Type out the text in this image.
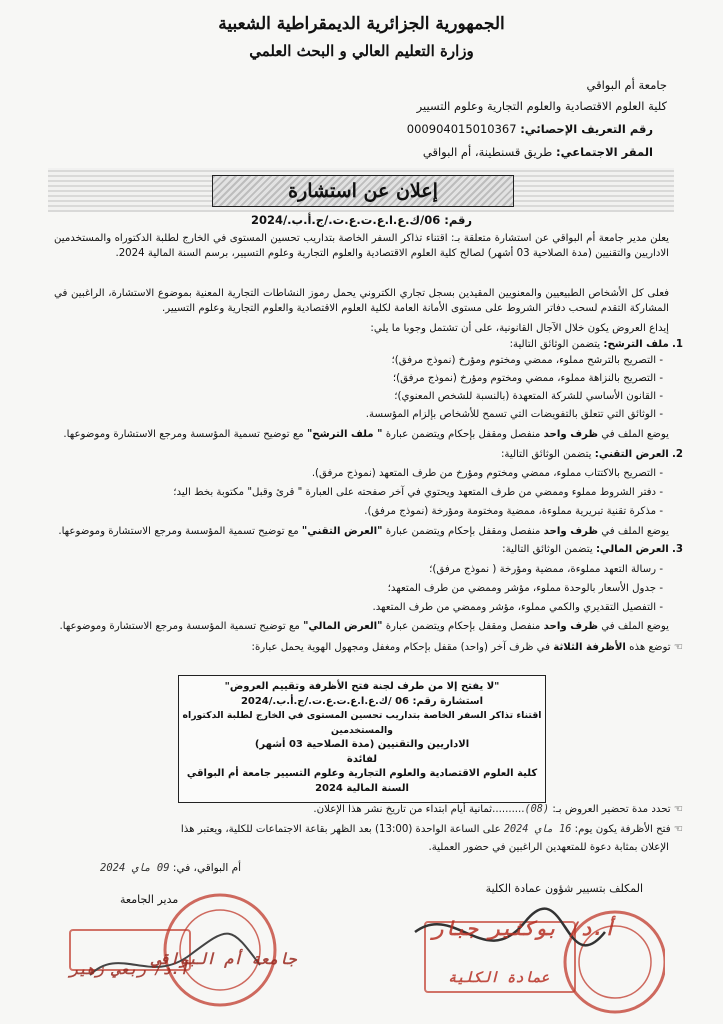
الجمهورية الجزائرية الديمقراطية الشعبية
وزارة التعليم العالي و البحث العلمي
جامعة أم البواقي
كلية العلوم الاقتصادية والعلوم التجارية وعلوم التسيير
رقم التعريف الإحصائي: 000904015010367
المقر الاجتماعي: طريق قسنطينة، أم البواقي
إعلان عن استشارة
رقم: 06/ك.ع.ا.ع.ت.ع.ت./ج.أ.ب./2024
يعلن مدير جامعة أم البواقي عن استشارة متعلقة بـ: اقتناء تذاكر السفر الخاصة بتداريب تحسين المستوى في الخارج لطلبة الدكتوراه والمستخدمين الاداريين والتقنيين (مدة الصلاحية 03 أشهر) لصالح كلية العلوم الاقتصادية والعلوم التجارية وعلوم التسيير، برسم السنة المالية 2024.
فعلى كل الأشخاص الطبيعيين والمعنويين المقيدين بسجل تجاري الكتروني يحمل رموز النشاطات التجارية المعنية بموضوع الاستشارة، الراغبين في المشاركة التقدم لسحب دفاتر الشروط على مستوى الأمانة العامة لكلية العلوم الاقتصادية والعلوم التجارية وعلوم التسيير.
إيداع العروض يكون خلال الآجال القانونية، على أن تشتمل وجوبا ما يلي:
1. ملف الترشح: يتضمن الوثائق التالية:
- التصريح بالترشح مملوء، ممضي ومختوم ومؤرخ (نموذج مرفق)؛
- التصريح بالنزاهة مملوء، ممضي ومختوم ومؤرخ (نموذج مرفق)؛
- القانون الأساسي للشركة المتعهدة (بالنسبة للشخص المعنوي)؛
- الوثائق التي تتعلق بالتفويضات التي تسمح للأشخاص بإلزام المؤسسة.
يوضع الملف في ظرف واحد منفصل ومقفل بإحكام ويتضمن عبارة " ملف الترشح" مع توضيح تسمية المؤسسة ومرجع الاستشارة وموضوعها.
2. العرض التقني: يتضمن الوثائق التالية:
- التصريح بالاكتتاب مملوء، ممضي ومختوم ومؤرخ من طرف المتعهد (نموذج مرفق).
- دفتر الشروط مملوء وممضي من طرف المتعهد ويحتوي في آخر صفحته على العبارة " قرئ وقبل" مكتوبة بخط اليد؛
- مذكرة تقنية تبريرية مملوءة، ممضية ومختومة ومؤرخة (نموذج مرفق).
يوضع الملف في ظرف واحد منفصل ومقفل بإحكام ويتضمن عبارة "العرض التقني" مع توضيح تسمية المؤسسة ومرجع الاستشارة وموضوعها.
3. العرض المالي: يتضمن الوثائق التالية:
- رسالة التعهد مملوءة، ممضية ومؤرخة ( نموذج مرفق)؛
- جدول الأسعار بالوحدة مملوء، مؤشر وممضي من طرف المتعهد؛
- التفصيل التقديري والكمي مملوء، مؤشر وممضي من طرف المتعهد.
يوضع الملف في ظرف واحد منفصل ومقفل بإحكام ويتضمن عبارة "العرض المالي" مع توضيح تسمية المؤسسة ومرجع الاستشارة وموضوعها.
☜ توضع هذه الأظرفة الثلاثة في ظرف آخر (واحد) مقفل بإحكام ومغفل ومجهول الهوية يحمل عبارة:
"لا يفتح إلا من طرف لجنة فتح الأظرفة وتقييم العروض"
استشارة رقم: 06 /ك.ع.ا.ع.ت.ع.ت./ج.أ.ب./2024
اقتناء تذاكر السفر الخاصة بتداريب تحسين المستوى في الخارج لطلبة الدكتوراه والمستخدمين
الاداريين والتقنيين (مدة الصلاحية 03 أشهر)
لفائدة
كلية العلوم الاقتصادية والعلوم التجارية وعلوم التسيير جامعة أم البواقي
السنة المالية 2024
☜ تحدد مدة تحضير العروض بـ: (08)..........ثمانية أيام ابتداء من تاريخ نشر هذا الإعلان.
☜ فتح الأظرفة يكون يوم: 16 ماي 2024 على الساعة الواحدة (13:00) بعد الظهر بقاعة الاجتماعات للكلية، ويعتبر هذا
الإعلان بمثابة دعوة للمتعهدين الراغبين في حضور العملية.
أم البواقي، في: 09 ماي 2024
المكلف بتسيير شؤون عمادة الكلية
مدير الجامعة
جامعة أم البواقي
أ.د/ ربعي زهير
أ.د/ بوكثير جبار
عمادة الكلية
